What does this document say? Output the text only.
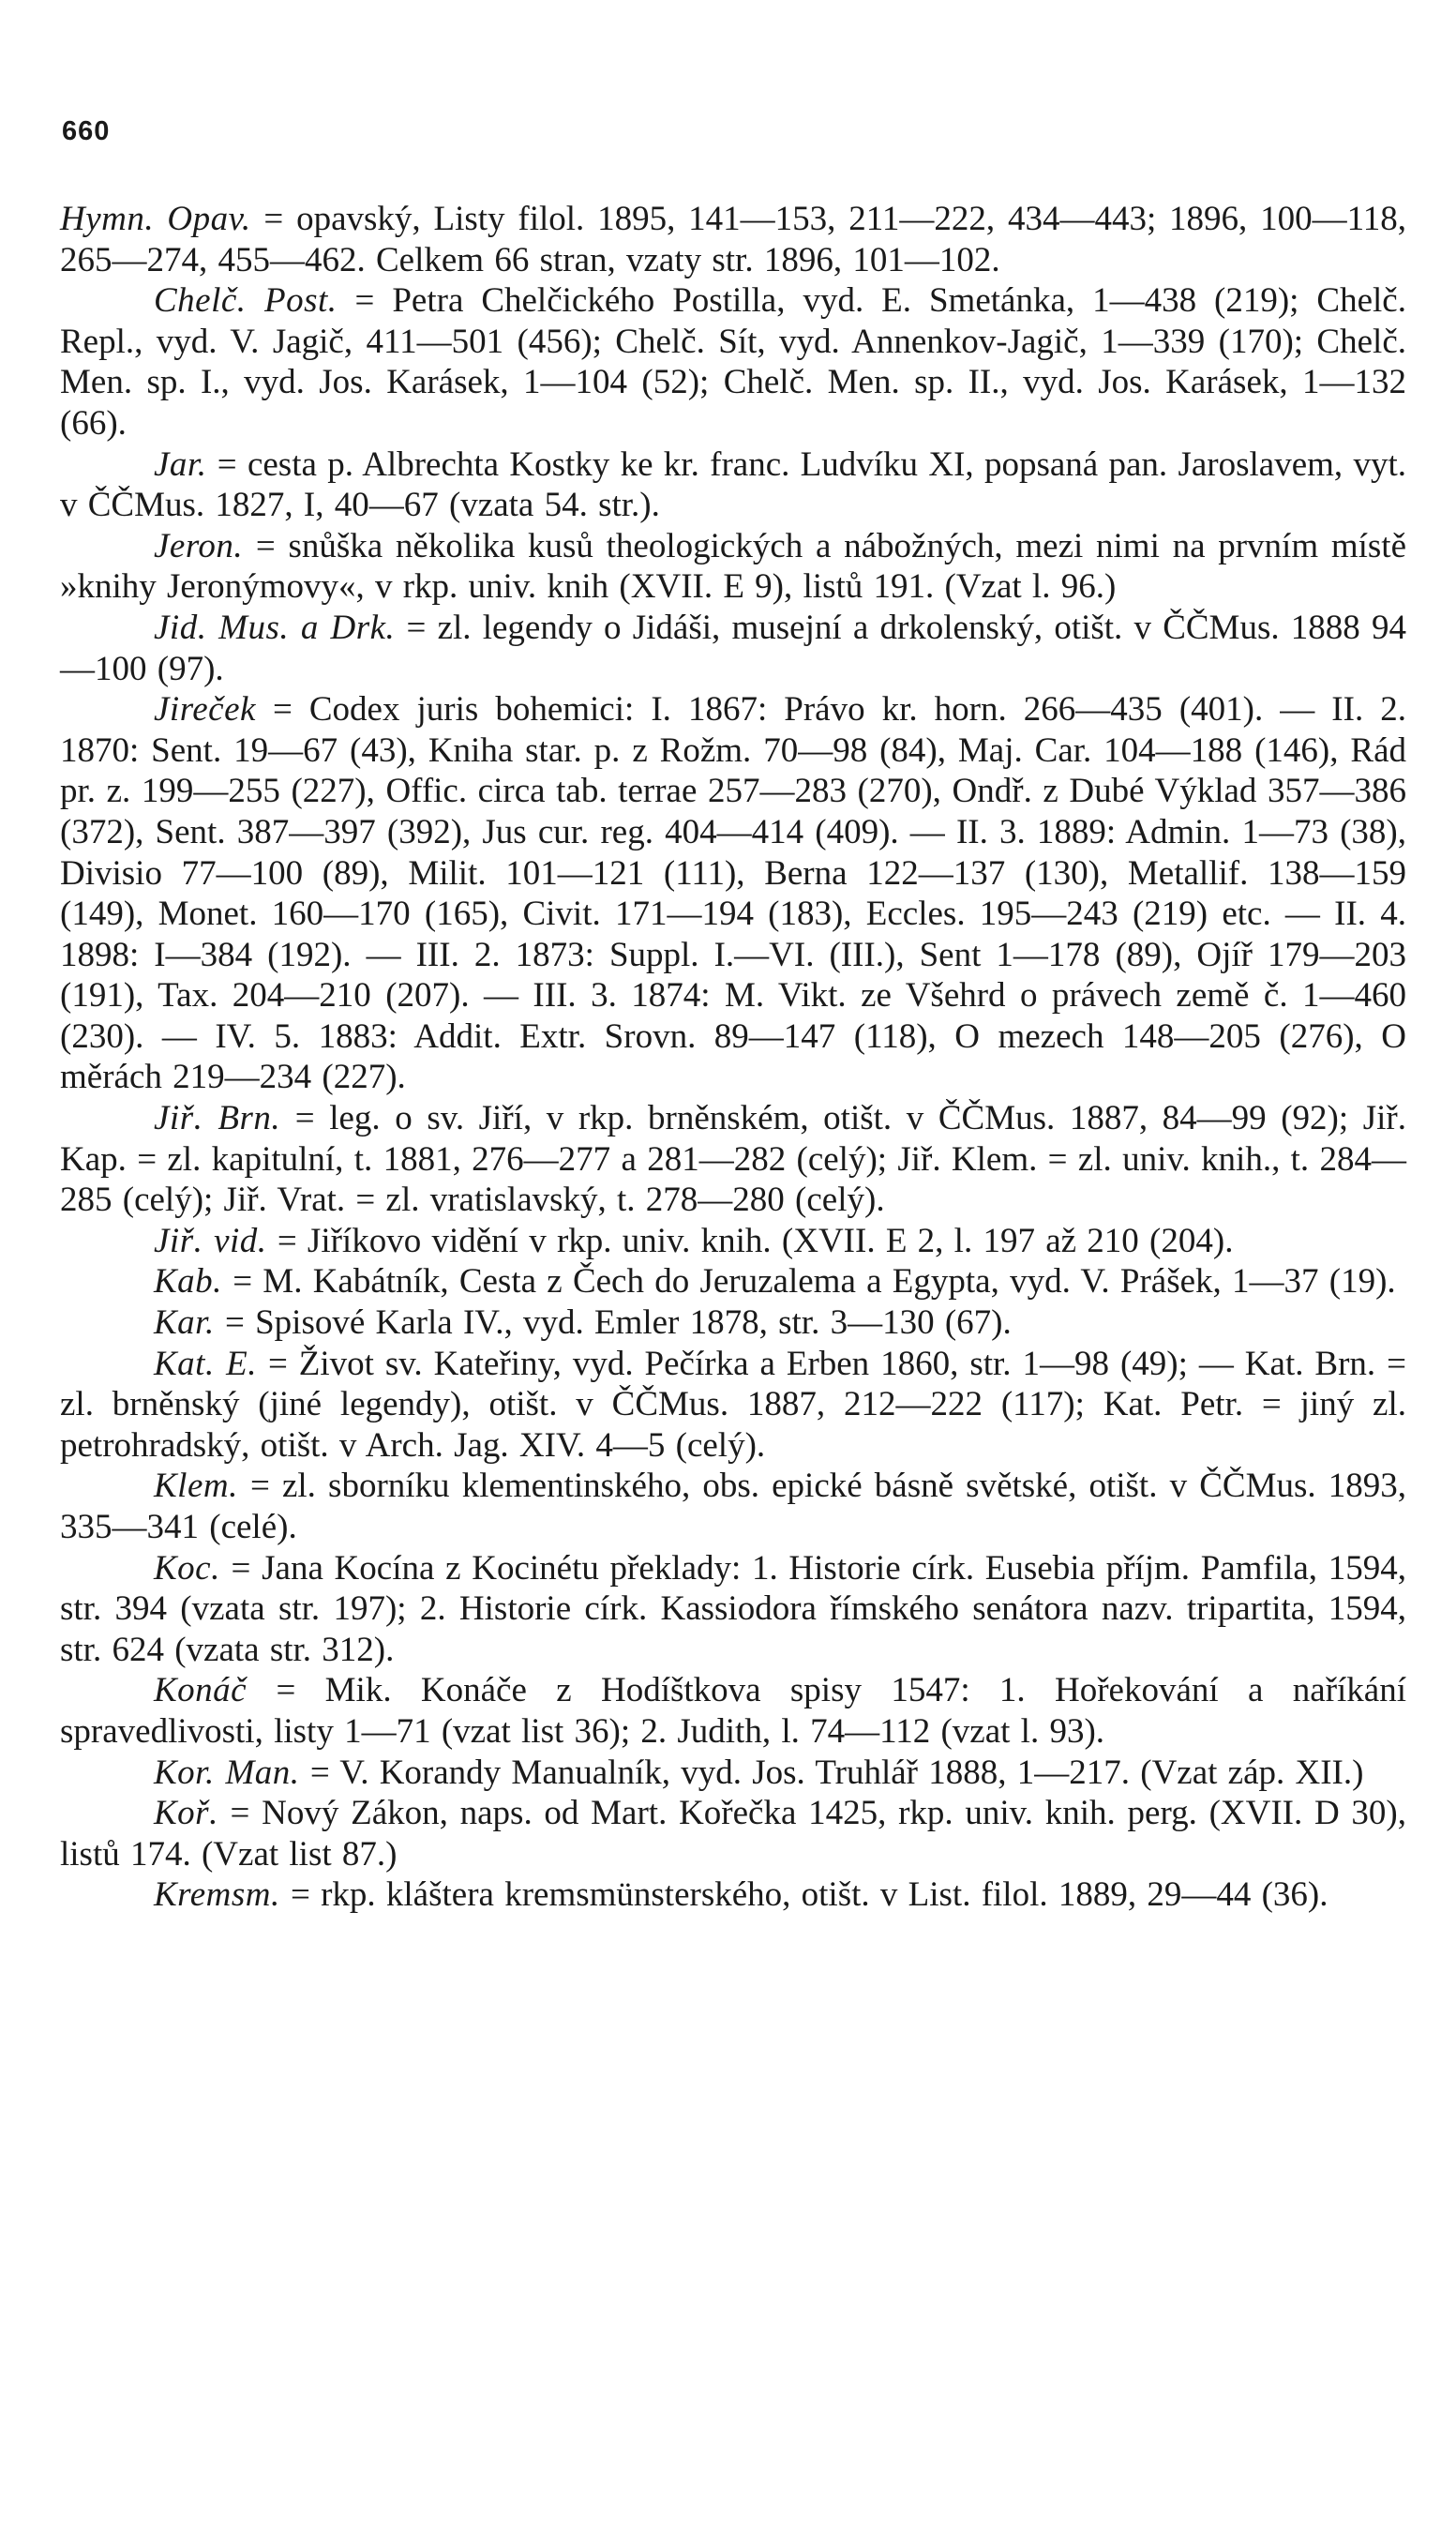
660

Hymn. Opav. = opavský, Listy filol. 1895, 141—153, 211—222, 434—443; 1896, 100—118, 265—274, 455—462. Celkem 66 stran, vzaty str. 1896, 101—102.

Chelč. Post. = Petra Chelčického Postilla, vyd. E. Smetánka, 1—438 (219); Chelč. Repl., vyd. V. Jagič, 411—501 (456); Chelč. Sít, vyd. Annenkov-Jagič, 1—339 (170); Chelč. Men. sp. I., vyd. Jos. Karásek, 1—104 (52); Chelč. Men. sp. II., vyd. Jos. Karásek, 1—132 (66).

Jar. = cesta p. Albrechta Kostky ke kr. franc. Ludvíku XI, popsaná pan. Jaroslavem, vyt. v ČČMus. 1827, I, 40—67 (vzata 54. str.).

Jeron. = snůška několika kusů theologických a nábožných, mezi nimi na prvním místě »knihy Jeronýmovy«, v rkp. univ. knih (XVII. E 9), listů 191. (Vzat l. 96.)

Jid. Mus. a Drk. = zl. legendy o Jidáši, musejní a drkolenský, otišt. v ČČMus. 1888 94—100 (97).

Jireček = Codex juris bohemici: I. 1867: Právo kr. horn. 266—435 (401). — II. 2. 1870: Sent. 19—67 (43), Kniha star. p. z Rožm. 70—98 (84), Maj. Car. 104—188 (146), Rád pr. z. 199—255 (227), Offic. circa tab. terrae 257—283 (270), Ondř. z Dubé Výklad 357—386 (372), Sent. 387—397 (392), Jus cur. reg. 404—414 (409). — II. 3. 1889: Admin. 1—73 (38), Divisio 77—100 (89), Milit. 101—121 (111), Berna 122—137 (130), Metallif. 138—159 (149), Monet. 160—170 (165), Civit. 171—194 (183), Eccles. 195—243 (219) etc. — II. 4. 1898: I—384 (192). — III. 2. 1873: Suppl. I.—VI. (III.), Sent 1—178 (89), Ojíř 179—203 (191), Tax. 204—210 (207). — III. 3. 1874: M. Vikt. ze Všehrd o právech země č. 1—460 (230). — IV. 5. 1883: Addit. Extr. Srovn. 89—147 (118), O mezech 148—205 (276), O měrách 219—234 (227).

Jiř. Brn. = leg. o sv. Jiří, v rkp. brněnském, otišt. v ČČMus. 1887, 84—99 (92); Jiř. Kap. = zl. kapitulní, t. 1881, 276—277 a 281—282 (celý); Jiř. Klem. = zl. univ. knih., t. 284—285 (celý); Jiř. Vrat. = zl. vratislavský, t. 278—280 (celý).

Jiř. vid. = Jiříkovo vidění v rkp. univ. knih. (XVII. E 2, l. 197 až 210 (204).

Kab. = M. Kabátník, Cesta z Čech do Jeruzalema a Egypta, vyd. V. Prášek, 1—37 (19).

Kar. = Spisové Karla IV., vyd. Emler 1878, str. 3—130 (67).

Kat. E. = Život sv. Kateřiny, vyd. Pečírka a Erben 1860, str. 1—98 (49); — Kat. Brn. = zl. brněnský (jiné legendy), otišt. v ČČMus. 1887, 212—222 (117); Kat. Petr. = jiný zl. petrohradský, otišt. v Arch. Jag. XIV. 4—5 (celý).

Klem. = zl. sborníku klementinského, obs. epické básně světské, otišt. v ČČMus. 1893, 335—341 (celé).

Koc. = Jana Kocína z Kocinétu překlady: 1. Historie círk. Eusebia příjm. Pamfila, 1594, str. 394 (vzata str. 197); 2. Historie círk. Kassiodora římského senátora nazv. tripartita, 1594, str. 624 (vzata str. 312).

Konáč = Mik. Konáče z Hodíštkova spisy 1547: 1. Hořekování a naříkání spravedlivosti, listy 1—71 (vzat list 36); 2. Judith, l. 74—112 (vzat l. 93).

Kor. Man. = V. Korandy Manualník, vyd. Jos. Truhlář 1888, 1—217. (Vzat záp. XII.)

Koř. = Nový Zákon, naps. od Mart. Kořečka 1425, rkp. univ. knih. perg. (XVII. D 30), listů 174. (Vzat list 87.)

Kremsm. = rkp. kláštera kremsmünsterského, otišt. v List. filol. 1889, 29—44 (36).
